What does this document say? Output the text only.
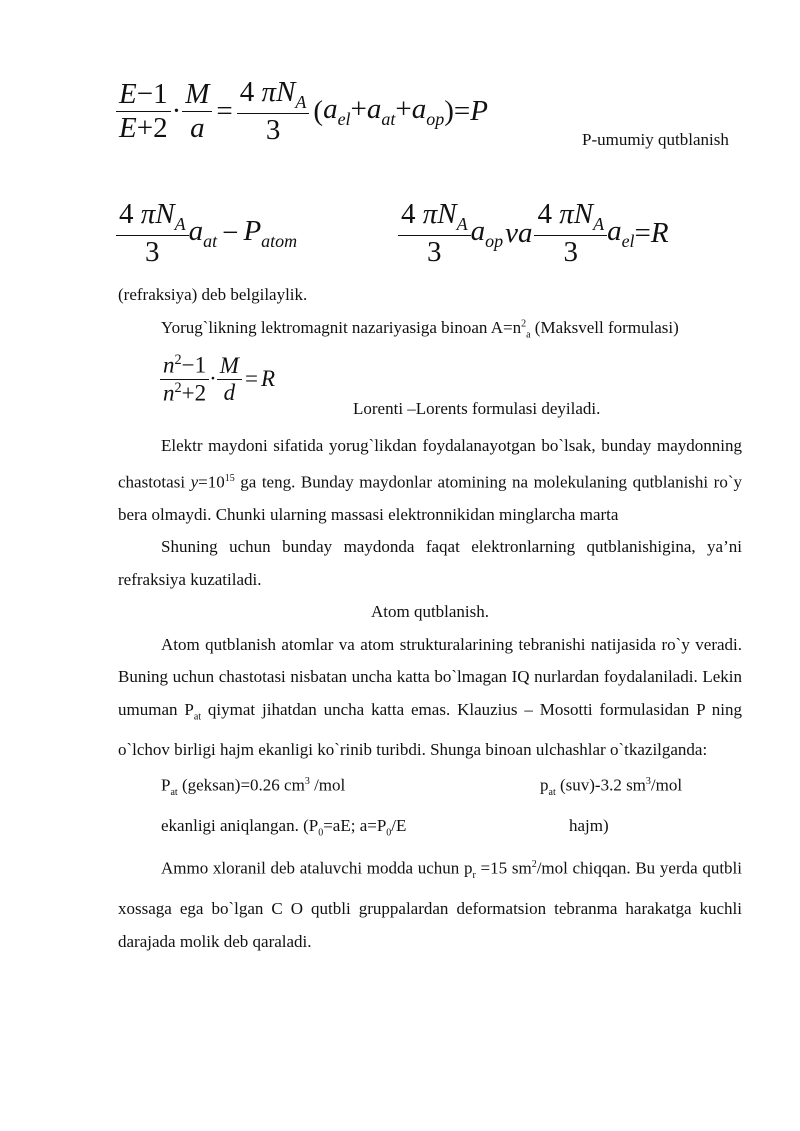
$\frac{E-1}{E+2} \cdot \frac{M}{a} = \frac{4 \pi N_A}{3}$ ( $a_{el}+a_{at}+a_{op}$ )= P
P-umumiy qutblanish
$\frac{4 \pi N_A}{3} a_{at} - P_{atom}$	$\frac{4 \pi N_A}{3} a_{op}$ va $\frac{4 \pi N_A}{3} a_{el} = R$
(refraksiya) deb belgilaylik.
Yorug`likning lektromagnit nazariyasiga binoan $A=n^2_a$ (Maksvell formulasi)
$\frac{n^2-1}{n^2+2} \cdot \frac{M}{d} = R$
Lorenti –Lorents formulasi deyiladi.

Elektr maydoni sifatida yorug`likdan foydalanayotgan bo`lsak, bunday maydonning chastotasi $y=10^{15}$ ga teng. Bunday maydonlar atomining na molekulaning qutblanishi ro`y bera olmaydi. Chunki ularning massasi elektronnikidan minglarcha marta

Shuning uchun bunday maydonda faqat elektronlarning qutblanishigina, ya’ni refraksiya kuzatiladi.

Atom qutblanish.

Atom qutblanish atomlar va atom strukturalarining tebranishi natijasida ro`y veradi. Buning uchun chastotasi nisbatan uncha katta bo`lmagan IQ nurlardan foydalaniladi. Lekin umuman $P_{at}$ qiymat jihatdan uncha katta emas. Klauzius – Mosotti formulasidan P ning o`lchov birligi hajm ekanligi ko`rinib turibdi. Shunga binoan ulchashlar o`tkazilganda:

$P_{at}$ (geksan)=0.26 $cm^3$ /mol	$p_{at}$ (suv)-3.2 $sm^3$/mol

ekanligi aniqlangan. ($P_0=aE$; $a=P_0/E$	hajm)

Ammo xloranil deb ataluvchi modda uchun $p_r =15$ $sm^2$/mol chiqqan. Bu yerda qutbli xossaga ega bo`lgan C O qutbli gruppalardan deformatsion tebranma harakatga kuchli darajada molik deb qaraladi.
